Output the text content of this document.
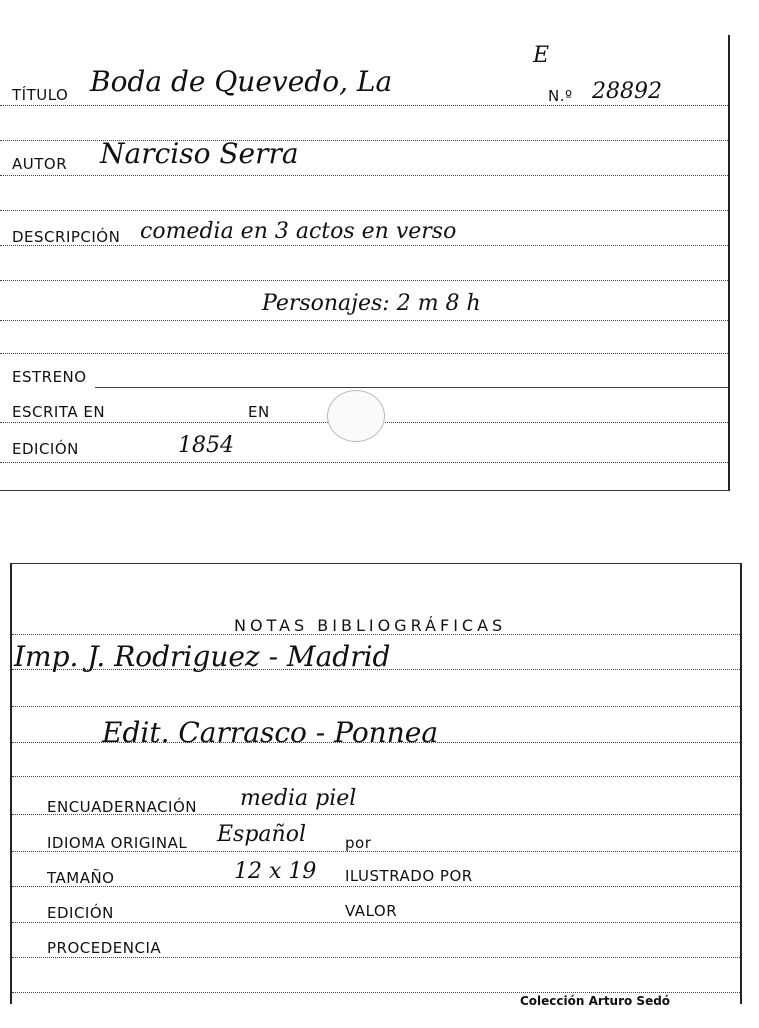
TÍTULO Boda de Quevedo, La
E
N.º 28892
AUTOR Narciso Serra
DESCRIPCIÓN comedia en 3 actos en verso
Personajes: 2 m 8 h
ESTRENO
ESCRITA EN	EN
EDICIÓN	1854
NOTAS BIBLIOGRÁFICAS
Imp. J. Rodriguez - Madrid
Edit. Carrasco - Ponnea
ENCUADERNACIÓN media piel
IDIOMA ORIGINAL Español	por
TAMAÑO	12 x 19 ILUSTRADO POR
EDICIÓN	VALOR
PROCEDENCIA
Colección Arturo Sedó
